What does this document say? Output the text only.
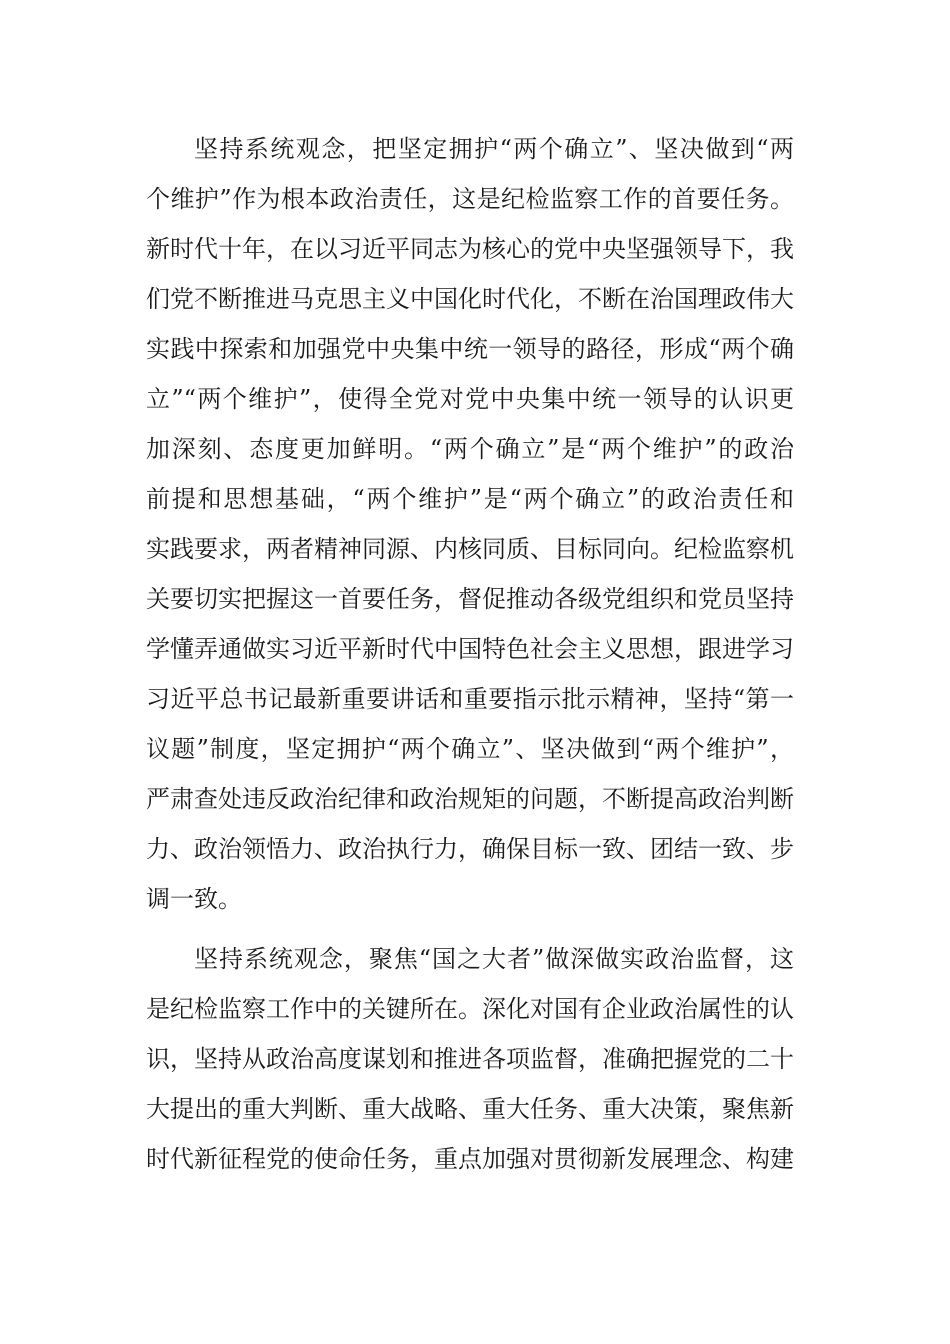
坚持系统观念，把坚定拥护“两个确立”、坚决做到“两
个维护”作为根本政治责任，这是纪检监察工作的首要任务。
新时代十年，在以习近平同志为核心的党中央坚强领导下，我
们党不断推进马克思主义中国化时代化，不断在治国理政伟大
实践中探索和加强党中央集中统一领导的路径，形成“两个确
立”“两个维护”，使得全党对党中央集中统一领导的认识更
加深刻、态度更加鲜明。“两个确立”是“两个维护”的政治
前提和思想基础，“两个维护”是“两个确立”的政治责任和
实践要求，两者精神同源、内核同质、目标同向。纪检监察机
关要切实把握这一首要任务，督促推动各级党组织和党员坚持
学懂弄通做实习近平新时代中国特色社会主义思想，跟进学习
习近平总书记最新重要讲话和重要指示批示精神，坚持“第一
议题”制度，坚定拥护“两个确立”、坚决做到“两个维护”，
严肃查处违反政治纪律和政治规矩的问题，不断提高政治判断
力、政治领悟力、政治执行力，确保目标一致、团结一致、步
调一致。
坚持系统观念，聚焦“国之大者”做深做实政治监督，这
是纪检监察工作中的关键所在。深化对国有企业政治属性的认
识，坚持从政治高度谋划和推进各项监督，准确把握党的二十
大提出的重大判断、重大战略、重大任务、重大决策，聚焦新
时代新征程党的使命任务，重点加强对贯彻新发展理念、构建
